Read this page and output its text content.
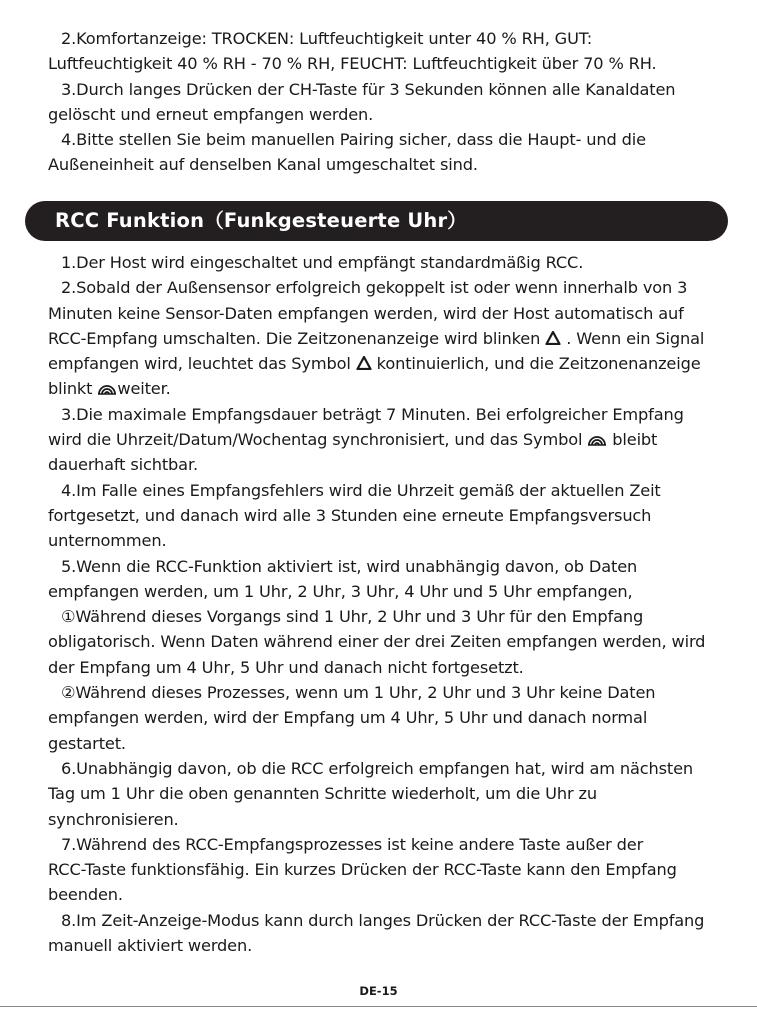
2.Komfortanzeige: TROCKEN: Luftfeuchtigkeit unter 40 % RH, GUT:
Luftfeuchtigkeit 40 % RH - 70 % RH, FEUCHT: Luftfeuchtigkeit über 70 % RH.
3.Durch langes Drücken der CH-Taste für 3 Sekunden können alle Kanaldaten
gelöscht und erneut empfangen werden.
4.Bitte stellen Sie beim manuellen Pairing sicher, dass die Haupt- und die
Außeneinheit auf denselben Kanal umgeschaltet sind.
RCC Funktion（Funkgesteuerte Uhr）
1.Der Host wird eingeschaltet und empfängt standardmäßig RCC.
2.Sobald der Außensensor erfolgreich gekoppelt ist oder wenn innerhalb von 3
Minuten keine Sensor-Daten empfangen werden, wird der Host automatisch auf
RCC-Empfang umschalten. Die Zeitzonenanzeige wird blinken  . Wenn ein Signal
empfangen wird, leuchtet das Symbol  kontinuierlich, und die Zeitzonenanzeige
blinkt weiter.
3.Die maximale Empfangsdauer beträgt 7 Minuten. Bei erfolgreicher Empfang
wird die Uhrzeit/Datum/Wochentag synchronisiert, und das Symbol  bleibt
dauerhaft sichtbar.
4.Im Falle eines Empfangsfehlers wird die Uhrzeit gemäß der aktuellen Zeit
fortgesetzt, und danach wird alle 3 Stunden eine erneute Empfangsversuch
unternommen.
5.Wenn die RCC-Funktion aktiviert ist, wird unabhängig davon, ob Daten
empfangen werden, um 1 Uhr, 2 Uhr, 3 Uhr, 4 Uhr und 5 Uhr empfangen,
①Während dieses Vorgangs sind 1 Uhr, 2 Uhr und 3 Uhr für den Empfang
obligatorisch. Wenn Daten während einer der drei Zeiten empfangen werden, wird
der Empfang um 4 Uhr, 5 Uhr und danach nicht fortgesetzt.
②Während dieses Prozesses, wenn um 1 Uhr, 2 Uhr und 3 Uhr keine Daten
empfangen werden, wird der Empfang um 4 Uhr, 5 Uhr und danach normal
gestartet.
6.Unabhängig davon, ob die RCC erfolgreich empfangen hat, wird am nächsten
Tag um 1 Uhr die oben genannten Schritte wiederholt, um die Uhr zu
synchronisieren.
7.Während des RCC-Empfangsprozesses ist keine andere Taste außer der
RCC-Taste funktionsfähig. Ein kurzes Drücken der RCC-Taste kann den Empfang
beenden.
8.Im Zeit-Anzeige-Modus kann durch langes Drücken der RCC-Taste der Empfang
manuell aktiviert werden.
DE-15
